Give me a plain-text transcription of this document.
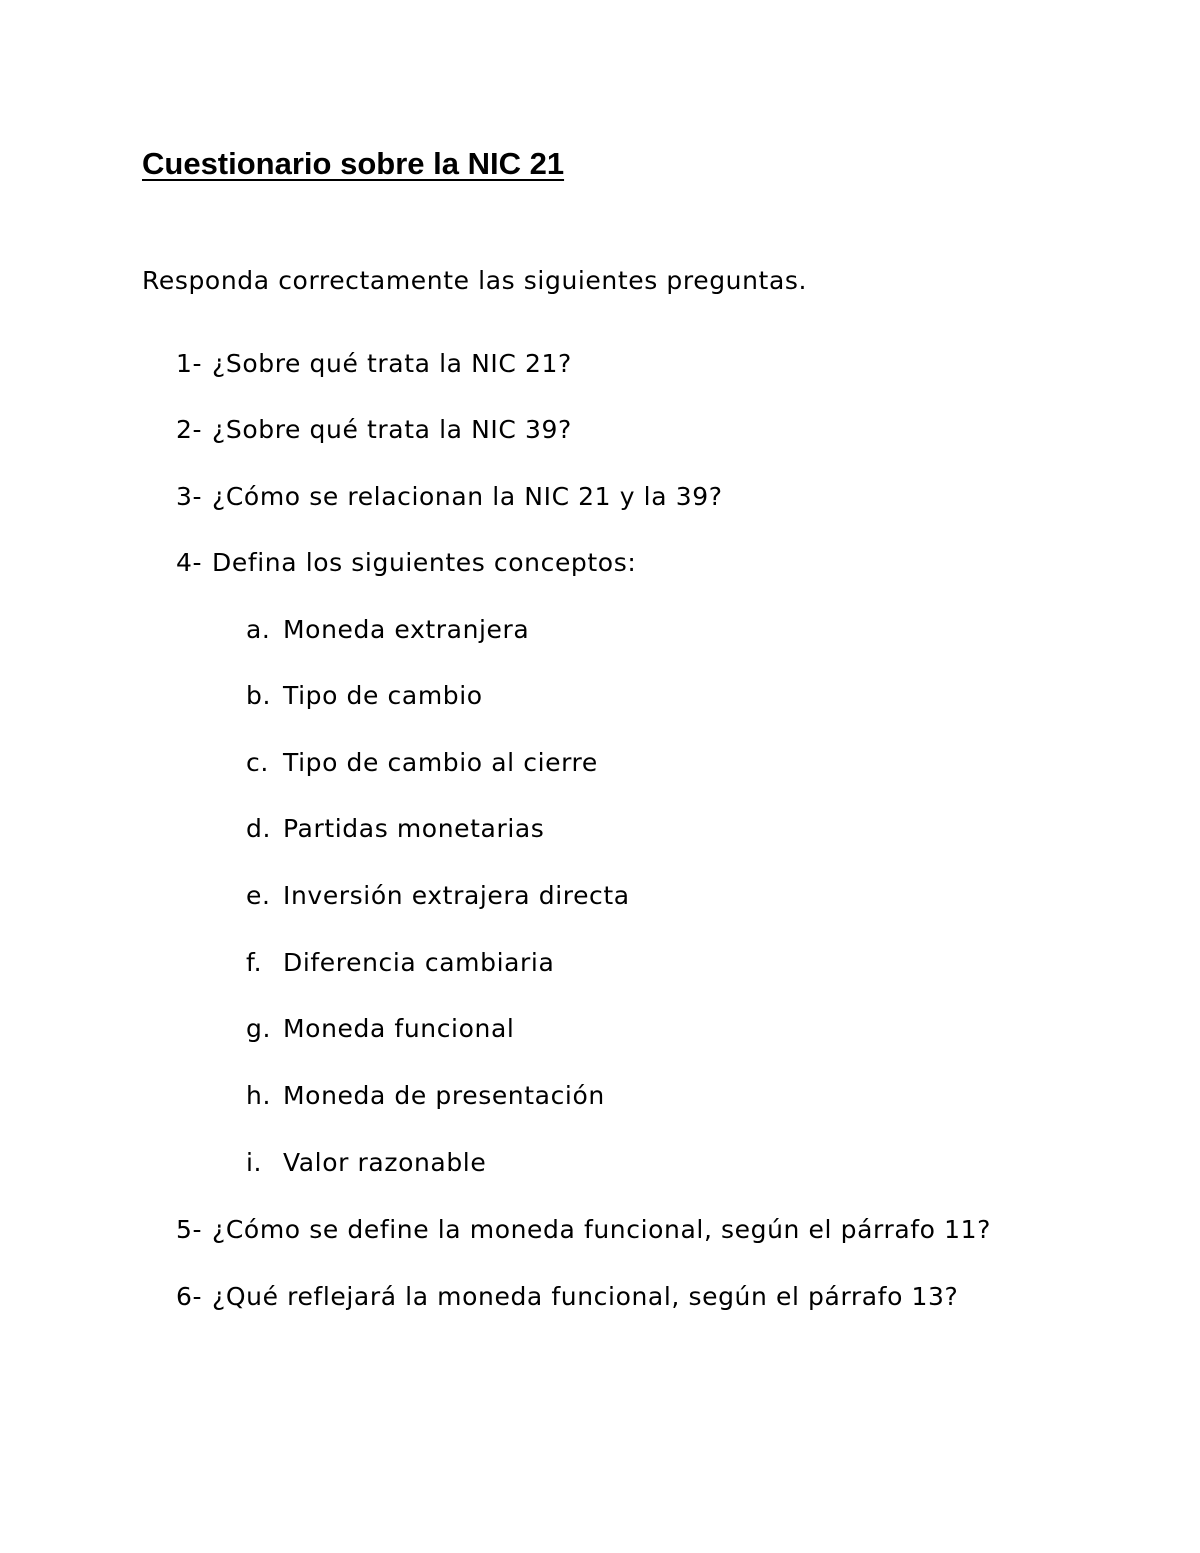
Cuestionario sobre la NIC 21

Responda correctamente las siguientes preguntas.

1- ¿Sobre qué trata la NIC 21?

2- ¿Sobre qué trata la NIC 39?

3- ¿Cómo se relacionan la NIC 21 y la 39?

4- Defina los siguientes conceptos:

a. Moneda extranjera

b. Tipo de cambio

c. Tipo de cambio al cierre

d. Partidas monetarias

e. Inversión extrajera directa

f. Diferencia cambiaria

g. Moneda funcional

h. Moneda de presentación

i. Valor razonable

5- ¿Cómo se define la moneda funcional, según el párrafo 11?

6- ¿Qué reflejará la moneda funcional, según el párrafo 13?
